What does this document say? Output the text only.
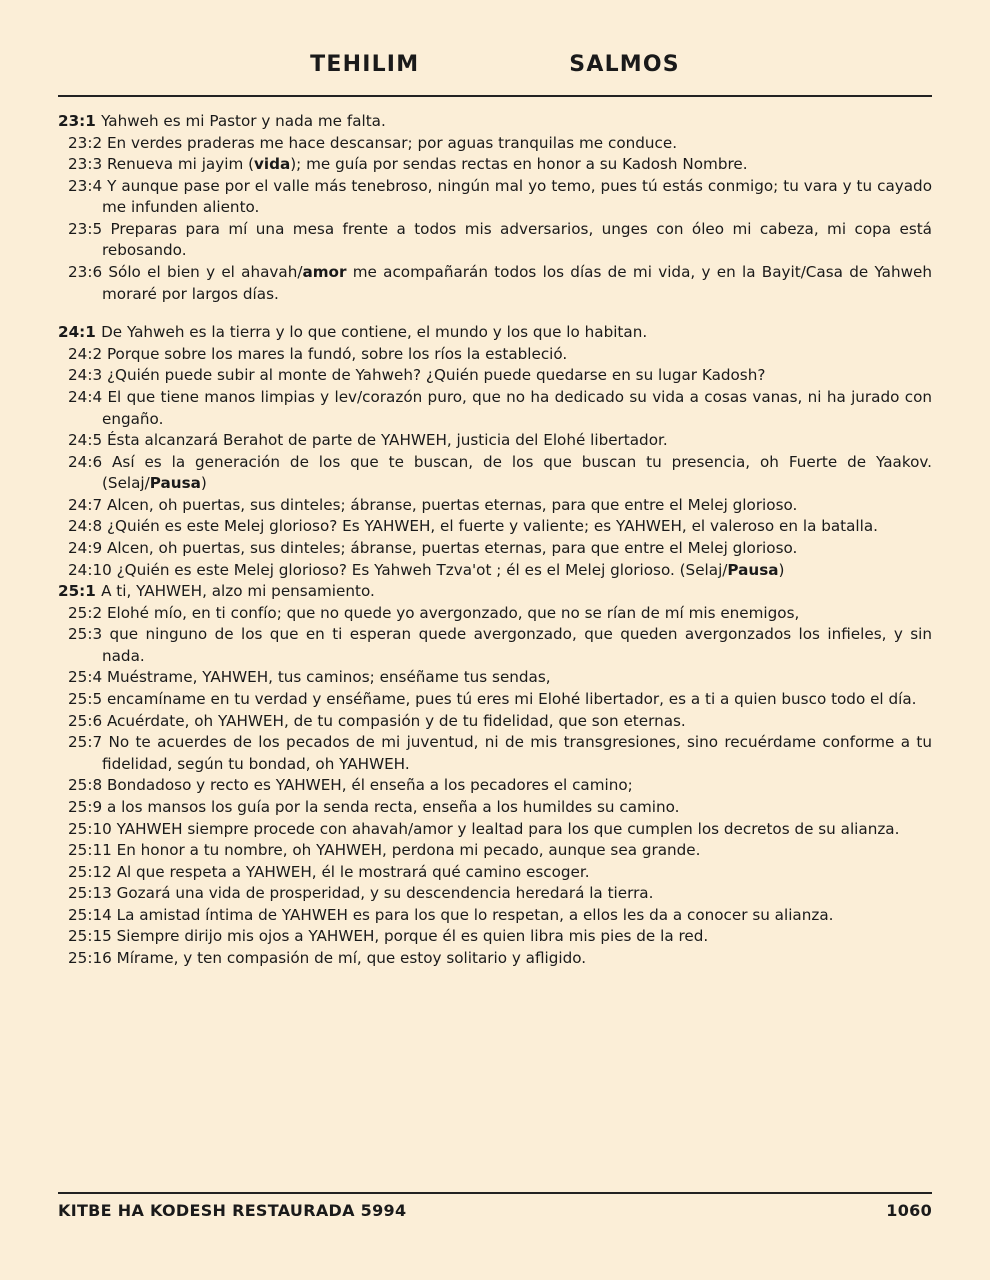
TEHILIM	SALMOS

23:1 Yahweh es mi Pastor y nada me falta.

23:2 En verdes praderas me hace descansar; por aguas tranquilas me conduce.

23:3 Renueva mi jayim (vida); me guía por sendas rectas en honor a su Kadosh Nombre.

23:4 Y aunque pase por el valle más tenebroso, ningún mal yo temo, pues tú estás conmigo; tu vara y tu cayado me infunden aliento.

23:5 Preparas para mí una mesa frente a todos mis adversarios, unges con óleo mi cabeza, mi copa está rebosando.

23:6 Sólo el bien y el ahavah/amor me acompañarán todos los días de mi vida, y en la Bayit/Casa de Yahweh moraré por largos días.

24:1 De Yahweh es la tierra y lo que contiene, el mundo y los que lo habitan.

24:2 Porque sobre los mares la fundó, sobre los ríos la estableció.

24:3 ¿Quién puede subir al monte de Yahweh? ¿Quién puede quedarse en su lugar Kadosh?

24:4 El que tiene manos limpias y lev/corazón puro, que no ha dedicado su vida a cosas vanas, ni ha jurado con engaño.

24:5 Ésta alcanzará Berahot de parte de YAHWEH, justicia del Elohé libertador.

24:6 Así es la generación de los que te buscan, de los que buscan tu presencia, oh Fuerte de Yaakov. (Selaj/Pausa)

24:7 Alcen, oh puertas, sus dinteles; ábranse, puertas eternas, para que entre el Melej glorioso.

24:8 ¿Quién es este Melej glorioso? Es YAHWEH, el fuerte y valiente; es YAHWEH, el valeroso en la batalla.

24:9 Alcen, oh puertas, sus dinteles; ábranse, puertas eternas, para que entre el Melej glorioso.

24:10 ¿Quién es este Melej glorioso? Es Yahweh Tzva'ot ; él es el Melej glorioso. (Selaj/Pausa)

25:1 A ti, YAHWEH, alzo mi pensamiento.

25:2 Elohé mío, en ti confío; que no quede yo avergonzado, que no se rían de mí mis enemigos,

25:3 que ninguno de los que en ti esperan quede avergonzado, que queden avergonzados los infieles, y sin nada.

25:4 Muéstrame, YAHWEH, tus caminos; enséñame tus sendas,

25:5 encamíname en tu verdad y enséñame, pues tú eres mi Elohé libertador, es a ti a quien busco todo el día.

25:6 Acuérdate, oh YAHWEH, de tu compasión y de tu fidelidad, que son eternas.

25:7 No te acuerdes de los pecados de mi juventud, ni de mis transgresiones, sino recuérdame conforme a tu fidelidad, según tu bondad, oh YAHWEH.

25:8 Bondadoso y recto es YAHWEH, él enseña a los pecadores el camino;

25:9 a los mansos los guía por la senda recta, enseña a los humildes su camino.

25:10 YAHWEH siempre procede con ahavah/amor y lealtad para los que cumplen los decretos de su alianza.

25:11 En honor a tu nombre, oh YAHWEH, perdona mi pecado, aunque sea grande.

25:12 Al que respeta a YAHWEH, él le mostrará qué camino escoger.

25:13 Gozará una vida de prosperidad, y su descendencia heredará la tierra.

25:14 La amistad íntima de YAHWEH es para los que lo respetan, a ellos les da a conocer su alianza.

25:15 Siempre dirijo mis ojos a YAHWEH, porque él es quien libra mis pies de la red.

25:16 Mírame, y ten compasión de mí, que estoy solitario y afligido.

KITBE HA KODESH RESTAURADA 5994	1060
